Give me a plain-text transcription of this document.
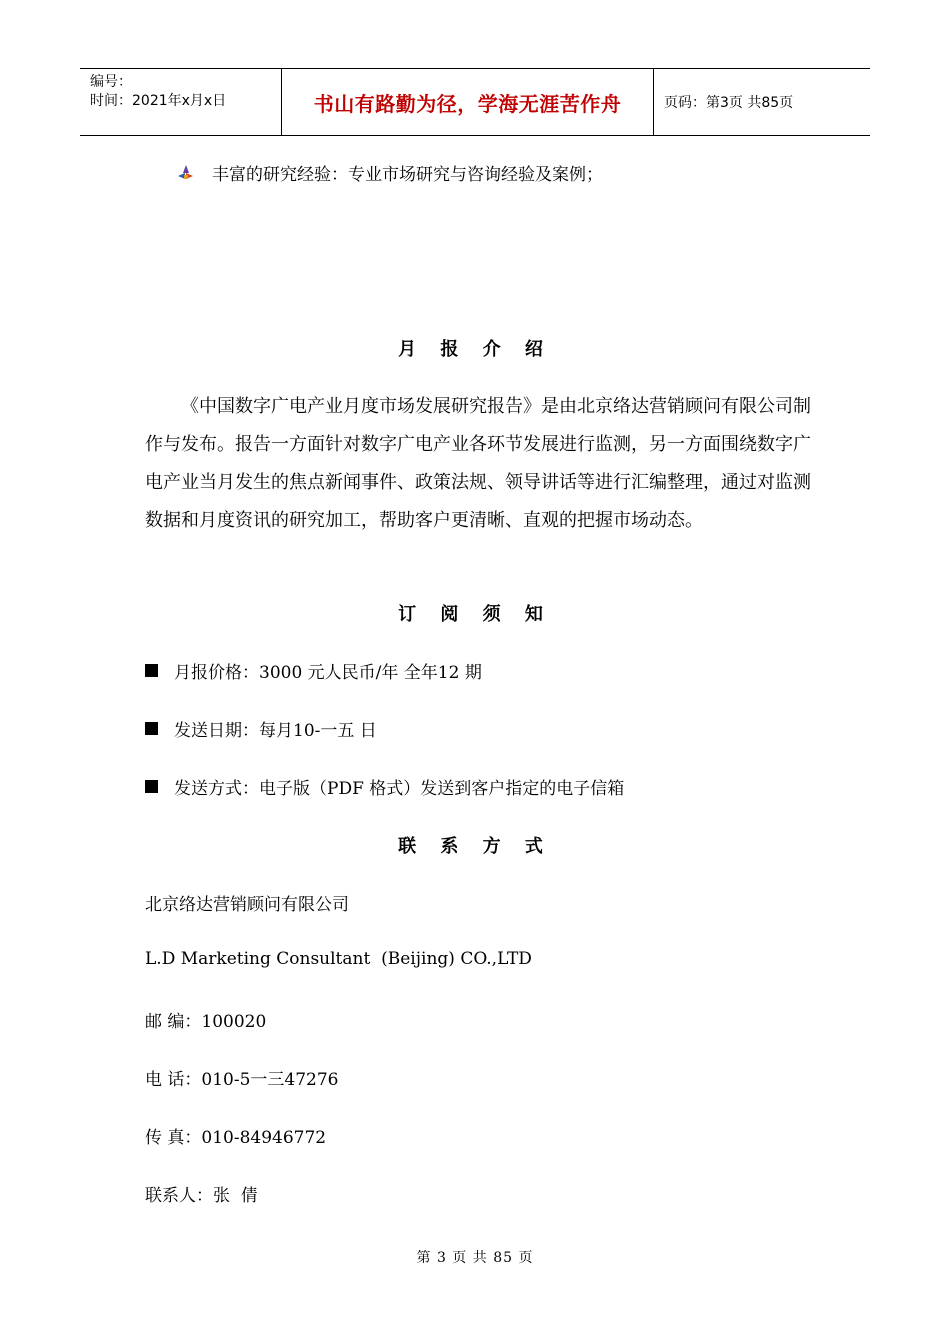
编号：
时间：2021年x月x日	书山有路勤为径，学海无涯苦作舟	页码：第3页 共85页
丰富的研究经验：专业市场研究与咨询经验及案例；
月 报 介 绍
《中国数字广电产业月度市场发展研究报告》是由北京络达营销顾问有限公司制作与发布。报告一方面针对数字广电产业各环节发展进行监测，另一方面围绕数字广电产业当月发生的焦点新闻事件、政策法规、领导讲话等进行汇编整理，通过对监测数据和月度资讯的研究加工，帮助客户更清晰、直观的把握市场动态。
订 阅 须 知
月报价格：3000 元人民币/年 全年12 期
发送日期：每月10-一五 日
发送方式：电子版（PDF 格式）发送到客户指定的电子信箱
联 系 方 式
北京络达营销顾问有限公司
L.D Marketing Consultant  (Beijing) CO.,LTD
邮 编：100020
电 话：010-5一三47276
传 真：010-84946772
联系人：张  倩
第 3 页 共 85 页
